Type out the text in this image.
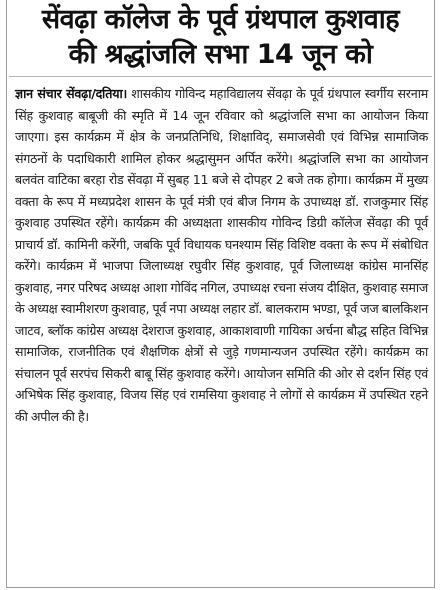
सेंवढ़ा कॉलेज के पूर्व ग्रंथपाल कुशवाह
की श्रद्धांजलि सभा 14 जून को

ज्ञान संचार सेंवढ़ा/दतिया। शासकीय गोविन्द महाविद्यालय सेंवढ़ा के पूर्व ग्रंथपाल स्वर्गीय सरनाम सिंह कुशवाह बाबूजी की स्मृति में 14 जून रविवार को श्रद्धांजलि सभा का आयोजन किया जाएगा। इस कार्यक्रम में क्षेत्र के जनप्रतिनिधि, शिक्षाविद्, समाजसेवी एवं विभिन्न सामाजिक संगठनों के पदाधिकारी शामिल होकर श्रद्धासुमन अर्पित करेंगे। श्रद्धांजलि सभा का आयोजन बलवंत वाटिका बरहा रोड सेंवढ़ा में सुबह 11 बजे से दोपहर 2 बजे तक होगा। कार्यक्रम में मुख्य वक्ता के रूप में मध्यप्रदेश शासन के पूर्व मंत्री एवं बीज निगम के उपाध्यक्ष डॉ. राजकुमार सिंह कुशवाह उपस्थित रहेंगे। कार्यक्रम की अध्यक्षता शासकीय गोविन्द डिग्री कॉलेज सेंवढ़ा की पूर्व प्राचार्य डॉ. कामिनी करेंगी, जबकि पूर्व विधायक घनश्याम सिंह विशिष्ट वक्ता के रूप में संबोधित करेंगे। कार्यक्रम में भाजपा जिलाध्यक्ष रघुवीर सिंह कुशवाह, पूर्व जिलाध्यक्ष कांग्रेस मानसिंह कुशवाह, नगर परिषद अध्यक्ष आशा गोविंद नगिल, उपाध्यक्ष रचना संजय दीक्षित, कुशवाह समाज के अध्यक्ष स्वामीशरण कुशवाह, पूर्व नपा अध्यक्ष लहार डॉ. बालकराम भण्डा, पूर्व जज बालकिशन जाटव, ब्लॉक कांग्रेस अध्यक्ष देशराज कुशवाह, आकाशवाणी गायिका अर्चना बौद्ध सहित विभिन्न सामाजिक, राजनीतिक एवं शैक्षणिक क्षेत्रों से जुड़े गणमान्यजन उपस्थित रहेंगे। कार्यक्रम का संचालन पूर्व सरपंच सिकरी बाबू सिंह कुशवाह करेंगे। आयोजन समिति की ओर से दर्शन सिंह एवं अभिषेक सिंह कुशवाह, विजय सिंह एवं रामसिया कुशवाह ने लोगों से कार्यक्रम में उपस्थित रहने की अपील की है।
